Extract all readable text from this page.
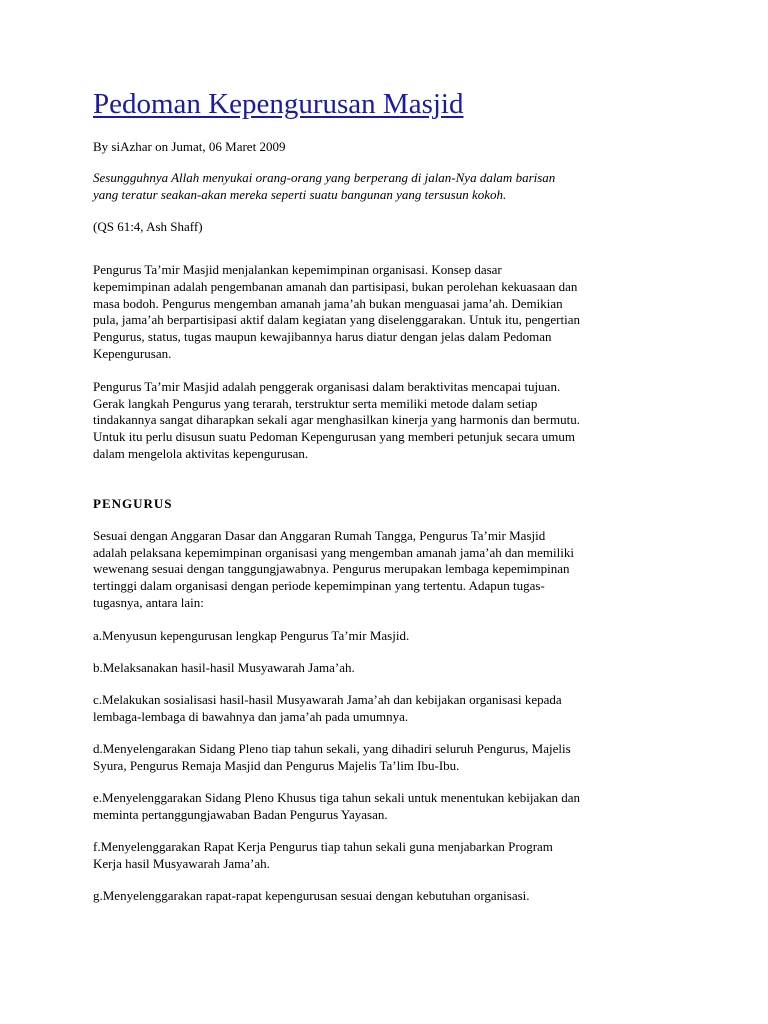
Pedoman Kepengurusan Masjid

By siAzhar on Jumat, 06 Maret 2009

Sesungguhnya Allah menyukai orang-orang yang berperang di jalan-Nya dalam barisan
yang teratur seakan-akan mereka seperti suatu bangunan yang tersusun kokoh.

(QS 61:4, Ash Shaff)

Pengurus Ta’mir Masjid menjalankan kepemimpinan organisasi. Konsep dasar
kepemimpinan adalah pengembanan amanah dan partisipasi, bukan perolehan kekuasaan dan
masa bodoh. Pengurus mengemban amanah jama’ah bukan menguasai jama’ah. Demikian
pula, jama’ah berpartisipasi aktif dalam kegiatan yang diselenggarakan. Untuk itu, pengertian
Pengurus, status, tugas maupun kewajibannya harus diatur dengan jelas dalam Pedoman
Kepengurusan.

Pengurus Ta’mir Masjid adalah penggerak organisasi dalam beraktivitas mencapai tujuan.
Gerak langkah Pengurus yang terarah, terstruktur serta memiliki metode dalam setiap
tindakannya sangat diharapkan sekali agar menghasilkan kinerja yang harmonis dan bermutu.
Untuk itu perlu disusun suatu Pedoman Kepengurusan yang memberi petunjuk secara umum
dalam mengelola aktivitas kepengurusan.

PENGURUS

Sesuai dengan Anggaran Dasar dan Anggaran Rumah Tangga, Pengurus Ta’mir Masjid
adalah pelaksana kepemimpinan organisasi yang mengemban amanah jama’ah dan memiliki
wewenang sesuai dengan tanggungjawabnya. Pengurus merupakan lembaga kepemimpinan
tertinggi dalam organisasi dengan periode kepemimpinan yang tertentu. Adapun tugas-
tugasnya, antara lain:

a.Menyusun kepengurusan lengkap Pengurus Ta’mir Masjid.

b.Melaksanakan hasil-hasil Musyawarah Jama’ah.

c.Melakukan sosialisasi hasil-hasil Musyawarah Jama’ah dan kebijakan organisasi kepada
lembaga-lembaga di bawahnya dan jama’ah pada umumnya.

d.Menyelengarakan Sidang Pleno tiap tahun sekali, yang dihadiri seluruh Pengurus, Majelis
Syura, Pengurus Remaja Masjid dan Pengurus Majelis Ta’lim Ibu-Ibu.

e.Menyelenggarakan Sidang Pleno Khusus tiga tahun sekali untuk menentukan kebijakan dan
meminta pertanggungjawaban Badan Pengurus Yayasan.

f.Menyelenggarakan Rapat Kerja Pengurus tiap tahun sekali guna menjabarkan Program
Kerja hasil Musyawarah Jama’ah.

g.Menyelenggarakan rapat-rapat kepengurusan sesuai dengan kebutuhan organisasi.
